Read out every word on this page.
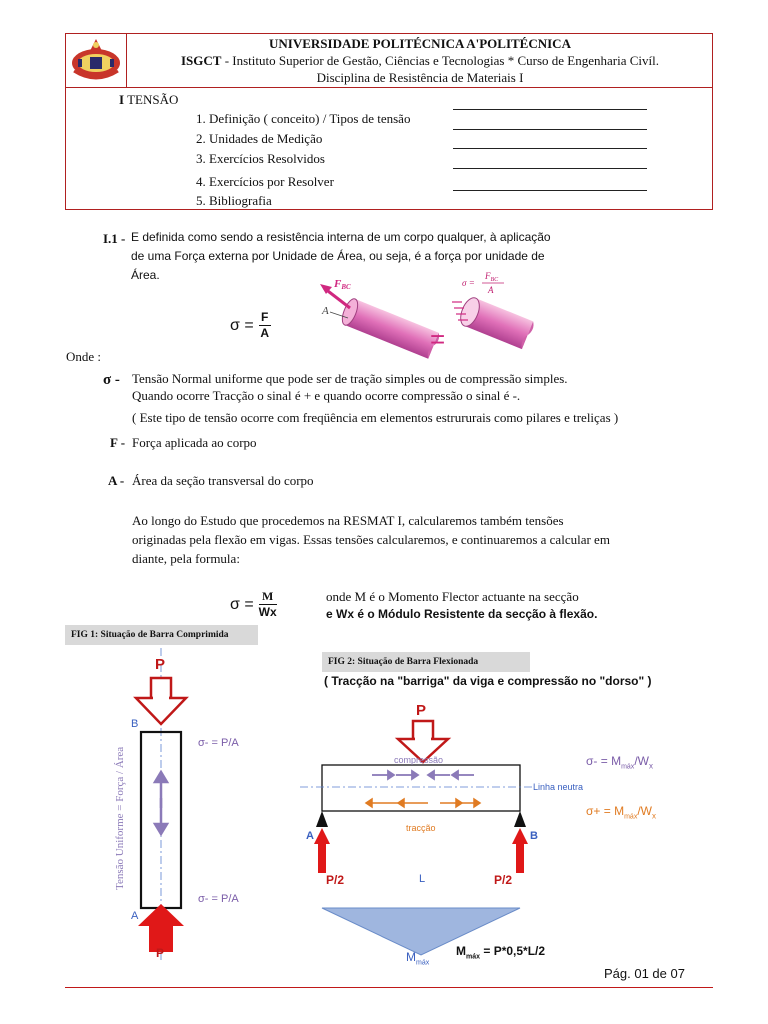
UNIVERSIDADE POLITÉCNICA A'POLITÉCNICA
ISGCT - Instituto Superior de Gestão, Ciências e Tecnologias * Curso de Engenharia Civíl.
Disciplina de Resistência de Materiais I
I TENSÃO
1. Definição ( conceito) / Tipos de tensão
2. Unidades de Medição
3. Exercícios Resolvidos
4. Exercícios por Resolver
5. Bibliografia
I.1 - E definida como sendo a resistência interna de um corpo qualquer, à aplicação
de uma Força externa por Unidade de Área, ou seja, é a força por unidade de
Área.
σ = F
A
FBC
A
=
$\sigma = F_{BC}$ A
Onde :
σ - Tensão Normal uniforme que pode ser de tração simples ou de compressão simples.
Quando ocorre Tracção o sinal é + e quando ocorre compressão o sinal é -.
( Este tipo de tensão ocorre com freqüência em elementos estrururais como pilares e treliças )
F - Força aplicada ao corpo
A - Área da seção transversal do corpo
Ao longo do Estudo que procedemos na RESMAT I, calcularemos também tensões
originadas pela flexão em vigas. Essas tensões calcularemos, e continuaremos a calcular em
diante, pela formula:
σ = M
Wx
onde M é o Momento Flector actuante na secção
e Wx é o Módulo Resistente da secção à flexão.
FIG 1: Situação de Barra Comprimida
P
B
A
σ- = P/A
σ- = P/A
Tensão Uniforme = Força / Área
P
FIG 2: Situação de Barra Flexionada
( Tracção na "barriga" da viga e compressão no "dorso" )
P
compressão
Linha neutra
tracção
A	B
P/2	L	P/2
$\sigma- = M_{máx}/W_x$
$\sigma+ = M_{máx}/W_x$
$M_{máx}$
$M_{máx} = P*0,5*L/2$
Pág. 01 de 07
